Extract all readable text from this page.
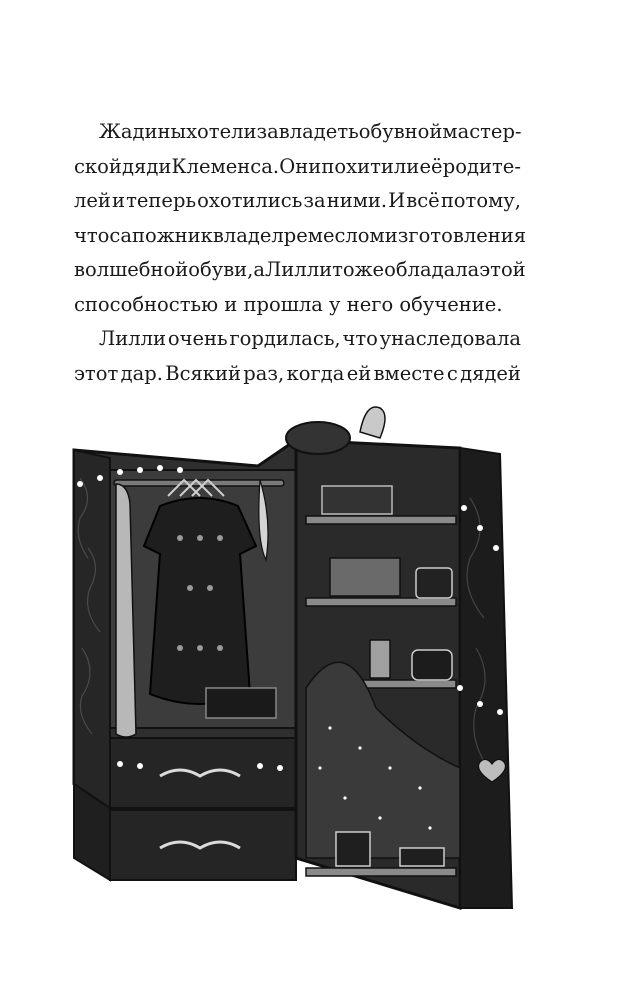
Жадины хотели завладеть обувной мастер-
ской дяди Клеменса. Они похитили её родите-
лей и теперь охотились за ними. И всё потому,
что сапожник владел ремеслом изготовления
волшебной обуви, а Лилли тоже обладала этой
способностью и прошла у него обучение.
Лилли очень гордилась, что унаследовала
этот дар. Всякий раз, когда ей вместе с дядей
